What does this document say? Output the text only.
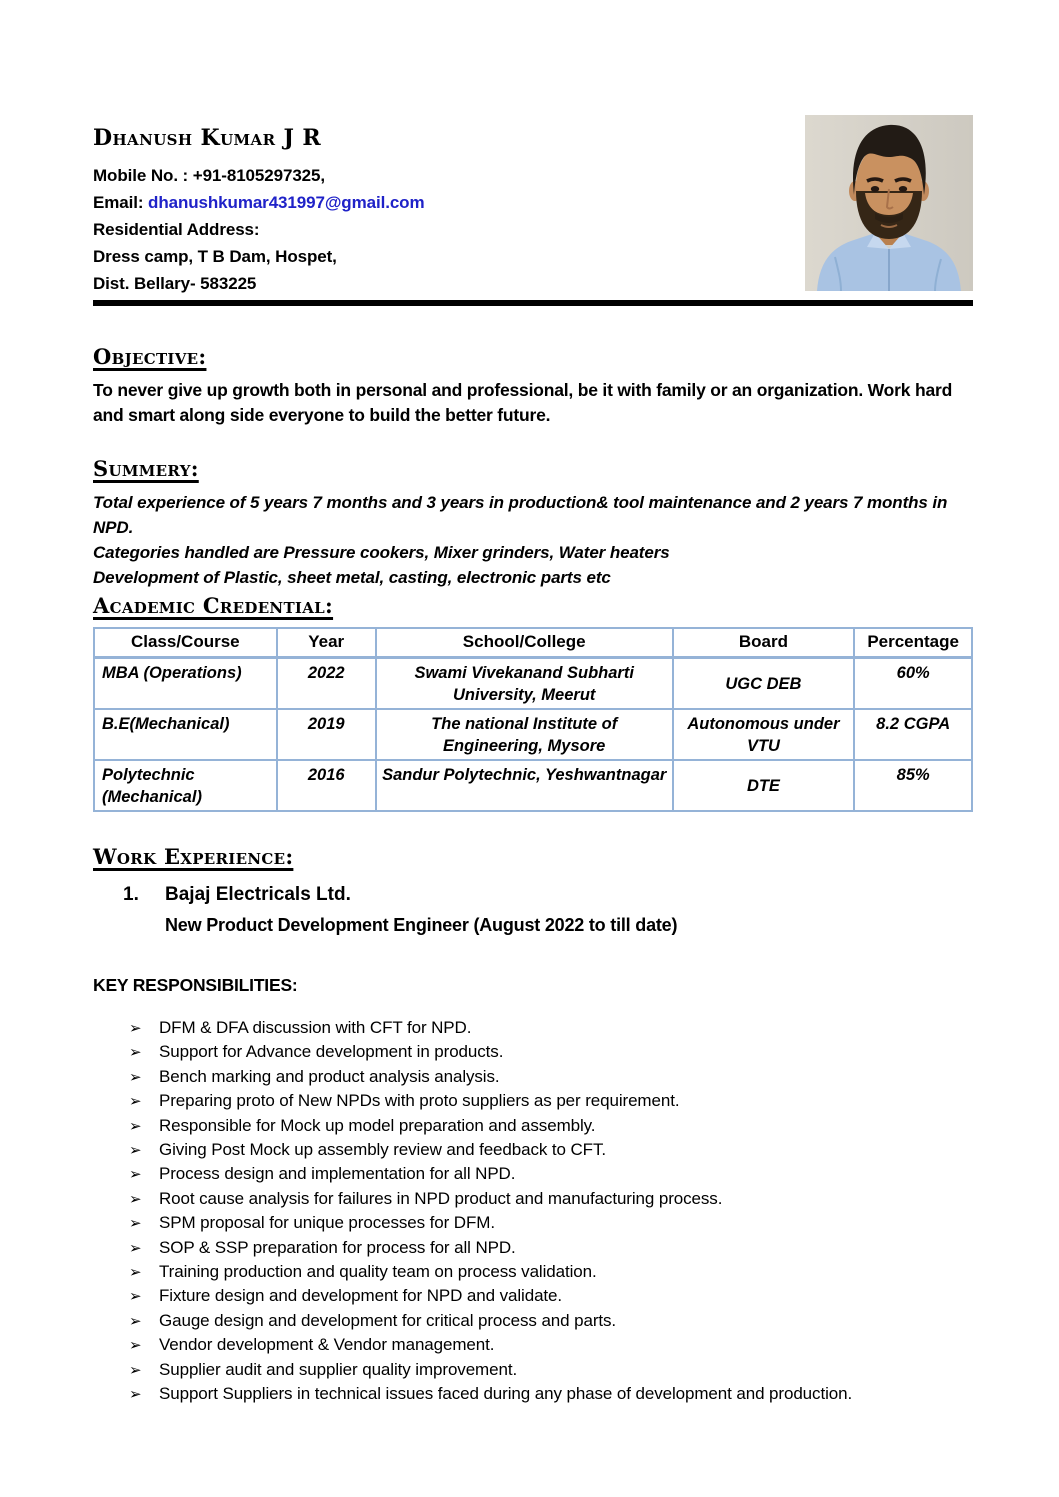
Dhanush Kumar J R
Mobile No. : +91-8105297325,
Email: dhanushkumar431997@gmail.com
Residential Address:
Dress camp, T B Dam, Hospet,
Dist. Bellary- 583225
Objective:

To never give up growth both in personal and professional, be it with family or an organization. Work hard and smart along side everyone to build the better future.

Summery:

Total experience of 5 years 7 months and 3 years in production& tool maintenance and 2 years 7 months in NPD.

Categories handled are Pressure cookers, Mixer grinders, Water heaters

Development of Plastic, sheet metal, casting, electronic parts etc

Academic Credential:
Class/Course	Year	School/College	Board	Percentage
MBA (Operations)	2022	Swami Vivekanand Subharti University, Meerut	UGC DEB	60%
B.E(Mechanical)	2019	The national Institute of Engineering, Mysore	Autonomous under VTU	8.2 CGPA
Polytechnic (Mechanical)	2016	Sandur Polytechnic, Yeshwantnagar	DTE	85%
Work Experience:
1. Bajaj Electricals Ltd.
New Product Development Engineer (August 2022 to till date)
KEY RESPONSIBILITIES:
➢	DFM & DFA discussion with CFT for NPD.
➢	Support for Advance development in products.
➢	Bench marking and product analysis analysis.
➢	Preparing proto of New NPDs with proto suppliers as per requirement.
➢	Responsible for Mock up model preparation and assembly.
➢	Giving Post Mock up assembly review and feedback to CFT.
➢	Process design and implementation for all NPD.
➢	Root cause analysis for failures in NPD product and manufacturing process.
➢	SPM proposal for unique processes for DFM.
➢	SOP & SSP preparation for process for all NPD.
➢	Training production and quality team on process validation.
➢	Fixture design and development for NPD and validate.
➢	Gauge design and development for critical process and parts.
➢	Vendor development & Vendor management.
➢	Supplier audit and supplier quality improvement.
➢	Support Suppliers in technical issues faced during any phase of development and production.
